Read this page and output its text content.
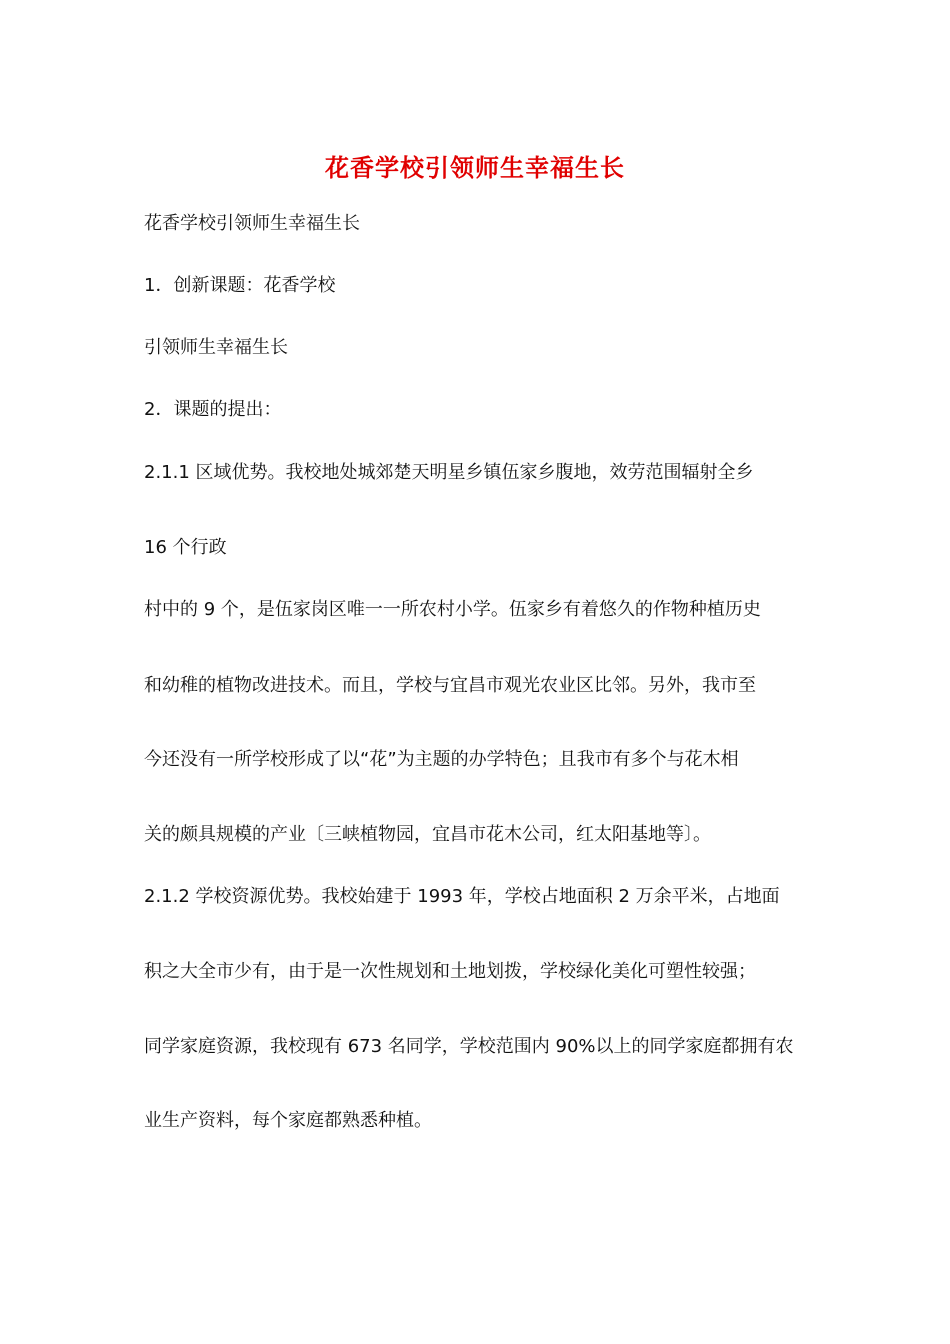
花香学校引领师生幸福生长
花香学校引领师生幸福生长
1．创新课题：花香学校
引领师生幸福生长
2．课题的提出：
2.1.1 区域优势。我校地处城郊楚天明星乡镇伍家乡腹地，效劳范围辐射全乡
16 个行政
村中的 9 个，是伍家岗区唯一一所农村小学。伍家乡有着悠久的作物种植历史
和幼稚的植物改进技术。而且，学校与宜昌市观光农业区比邻。另外，我市至
今还没有一所学校形成了以“花”为主题的办学特色；且我市有多个与花木相
关的颇具规模的产业〔三峡植物园，宜昌市花木公司，红太阳基地等〕。
2.1.2 学校资源优势。我校始建于 1993 年，学校占地面积 2 万余平米，占地面
积之大全市少有，由于是一次性规划和土地划拨，学校绿化美化可塑性较强；
同学家庭资源，我校现有 673 名同学，学校范围内 90%以上的同学家庭都拥有农
业生产资料，每个家庭都熟悉种植。
